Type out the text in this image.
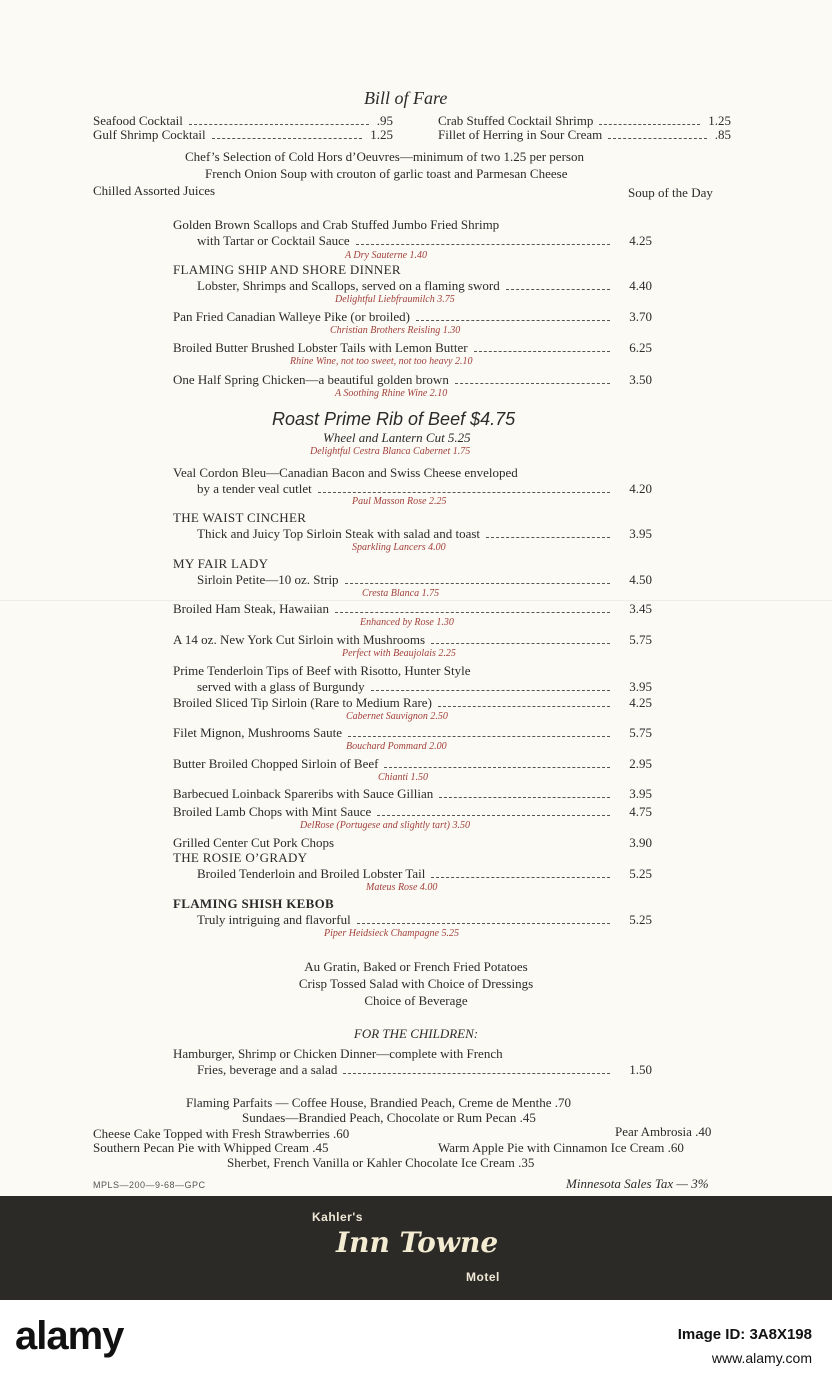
Bill of Fare
Seafood Cocktail	.95
Gulf Shrimp Cocktail	1.25
Crab Stuffed Cocktail Shrimp	1.25
Fillet of Herring in Sour Cream	.85
Chef’s Selection of Cold Hors d’Oeuvres—minimum of two 1.25 per person
French Onion Soup with crouton of garlic toast and Parmesan Cheese
Chilled Assorted Juices	Soup of the Day
Golden Brown Scallops and Crab Stuffed Jumbo Fried Shrimp
with Tartar or Cocktail Sauce	4.25
A Dry Sauterne 1.40
FLAMING SHIP AND SHORE DINNER
Lobster, Shrimps and Scallops, served on a flaming sword	4.40
Delightful Liebfraumilch 3.75
Pan Fried Canadian Walleye Pike (or broiled)	3.70
Christian Brothers Reisling 1.30
Broiled Butter Brushed Lobster Tails with Lemon Butter	6.25
Rhine Wine, not too sweet, not too heavy 2.10
One Half Spring Chicken—a beautiful golden brown	3.50
A Soothing Rhine Wine 2.10
Roast Prime Rib of Beef $4.75
Wheel and Lantern Cut 5.25
Delightful Cestra Blanca Cabernet 1.75
Veal Cordon Bleu—Canadian Bacon and Swiss Cheese enveloped
by a tender veal cutlet	4.20
Paul Masson Rose 2.25
THE WAIST CINCHER
Thick and Juicy Top Sirloin Steak with salad and toast	3.95
Sparkling Lancers 4.00
MY FAIR LADY
Sirloin Petite—10 oz. Strip	4.50
Cresta Blanca 1.75
Broiled Ham Steak, Hawaiian	3.45
Enhanced by Rose 1.30
A 14 oz. New York Cut Sirloin with Mushrooms	5.75
Perfect with Beaujolais 2.25
Prime Tenderloin Tips of Beef with Risotto, Hunter Style
served with a glass of Burgundy	3.95
Broiled Sliced Tip Sirloin (Rare to Medium Rare)	4.25
Cabernet Sauvignon 2.50
Filet Mignon, Mushrooms Saute	5.75
Bouchard Pommard 2.00
Butter Broiled Chopped Sirloin of Beef	2.95
Chianti 1.50
Barbecued Loinback Spareribs with Sauce Gillian	3.95
Broiled Lamb Chops with Mint Sauce	4.75
DelRose (Portugese and slightly tart) 3.50
Grilled Center Cut Pork Chops	3.90
THE ROSIE O’GRADY
Broiled Tenderloin and Broiled Lobster Tail	5.25
Mateus Rose 4.00
FLAMING SHISH KEBOB
Truly intriguing and flavorful	5.25
Piper Heidsieck Champagne 5.25
Au Gratin, Baked or French Fried Potatoes
Crisp Tossed Salad with Choice of Dressings
Choice of Beverage
FOR THE CHILDREN:
Hamburger, Shrimp or Chicken Dinner—complete with French
Fries, beverage and a salad	1.50
Flaming Parfaits — Coffee House, Brandied Peach, Creme de Menthe .70
Sundaes—Brandied Peach, Chocolate or Rum Pecan .45
Cheese Cake Topped with Fresh Strawberries .60	Pear Ambrosia .40
Southern Pecan Pie with Whipped Cream .45	Warm Apple Pie with Cinnamon Ice Cream .60
Sherbet, French Vanilla or Kahler Chocolate Ice Cream .35
MPLS—200—9-68—GPC	Minnesota Sales Tax — 3%
Kahler's
Inn Towne
Motel
alamy	Image ID: 3A8X198
www.alamy.com
